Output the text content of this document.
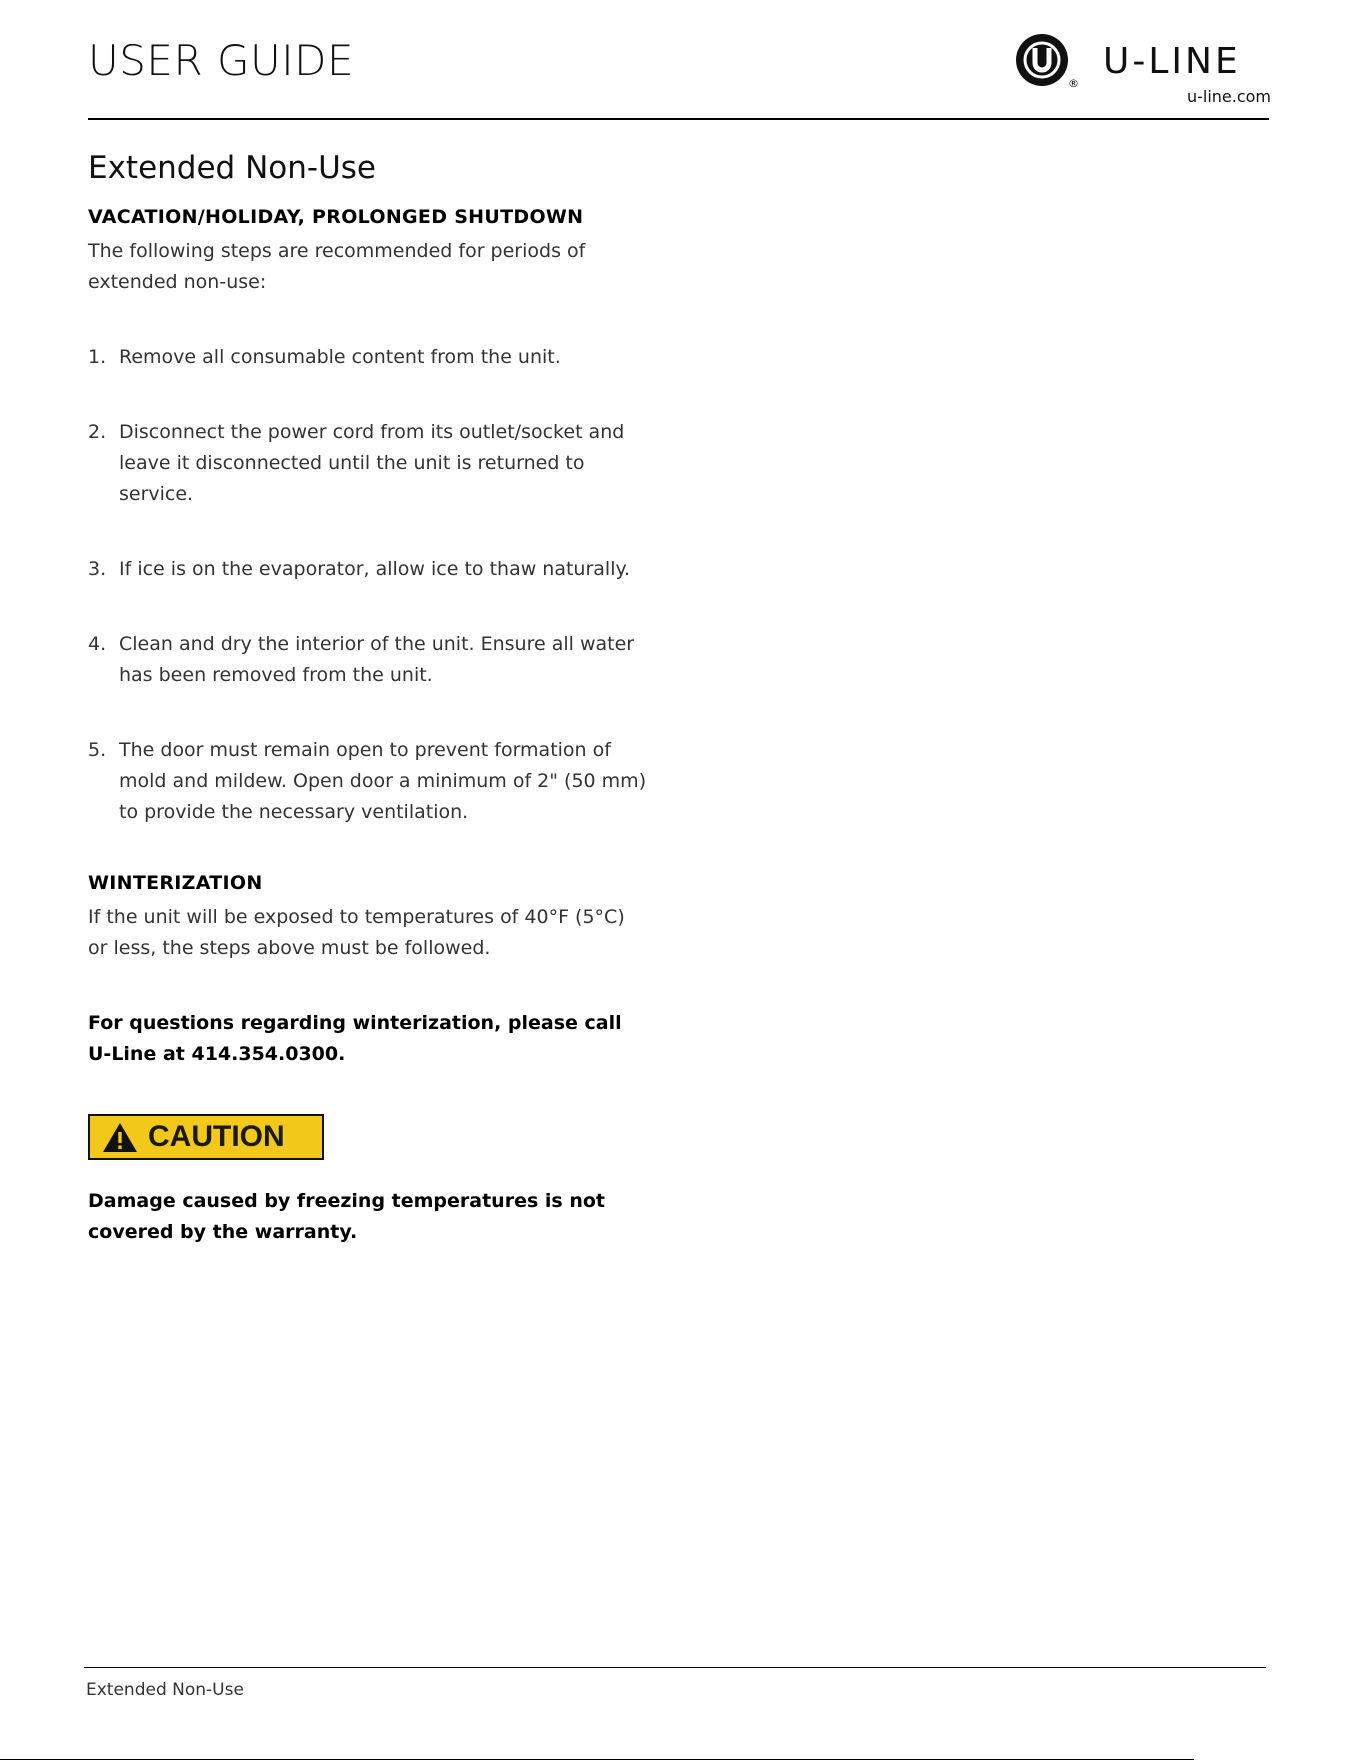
USER GUIDE	®
U-LINE
u-line.com
Extended Non-Use
VACATION/HOLIDAY, PROLONGED SHUTDOWN

The following steps are recommended for periods of extended non-use:

1. Remove all consumable content from the unit.
2. Disconnect the power cord from its outlet/socket and leave it disconnected until the unit is returned to service.
3. If ice is on the evaporator, allow ice to thaw naturally.
4. Clean and dry the interior of the unit. Ensure all water has been removed from the unit.
5. The door must remain open to prevent formation of mold and mildew. Open door a minimum of 2" (50 mm) to provide the necessary ventilation.
WINTERIZATION

If the unit will be exposed to temperatures of 40°F (5°C) or less, the steps above must be followed.

For questions regarding winterization, please call U-Line at 414.354.0300.

CAUTION

Damage caused by freezing temperatures is not covered by the warranty.

Extended Non-Use
